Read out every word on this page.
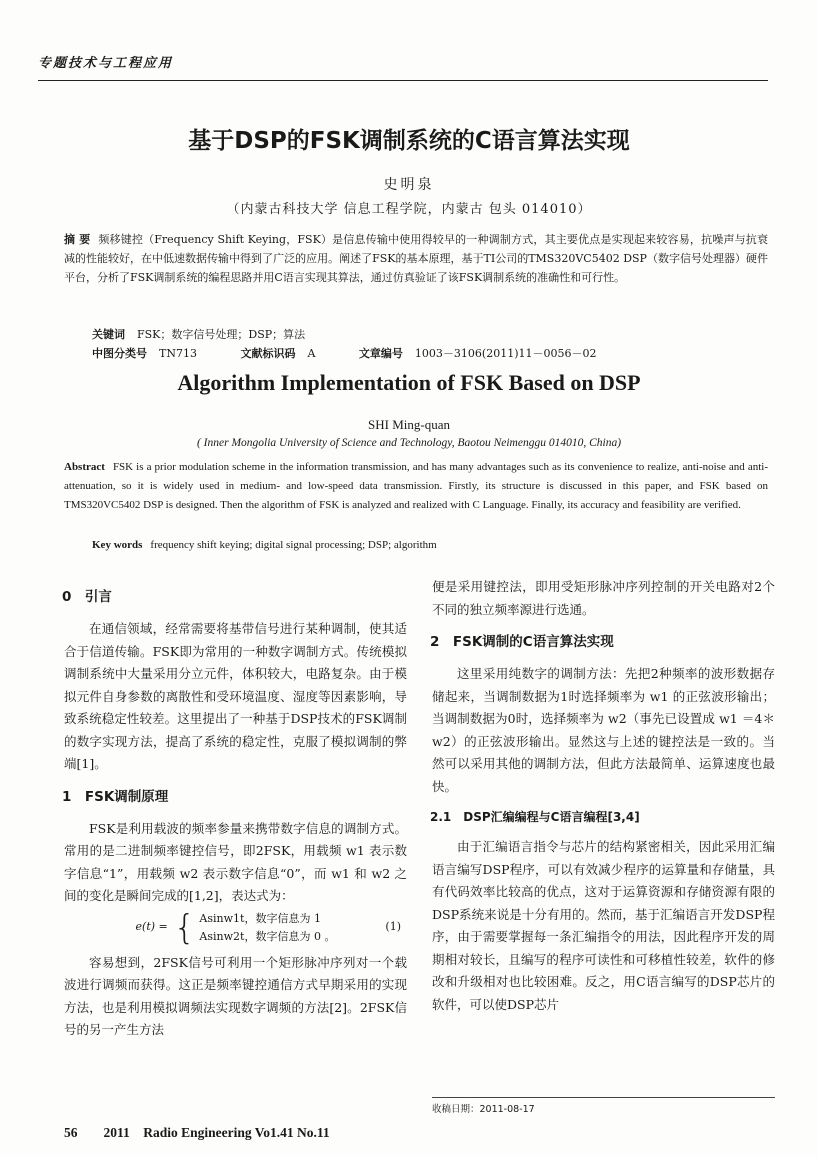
专题技术与工程应用
基于DSP的FSK调制系统的C语言算法实现
史明泉
（内蒙古科技大学 信息工程学院，内蒙古 包头 014010）
摘 要 频移键控（Frequency Shift Keying，FSK）是信息传输中使用得较早的一种调制方式，其主要优点是实现起来较容易，抗噪声与抗衰减的性能较好，在中低速数据传输中得到了广泛的应用。阐述了FSK的基本原理，基于TI公司的TMS320VC5402 DSP（数字信号处理器）硬件平台，分析了FSK调制系统的编程思路并用C语言实现其算法，通过仿真验证了该FSK调制系统的准确性和可行性。
关键词 FSK；数字信号处理；DSP；算法
中图分类号 TN713	文献标识码 A	文章编号 1003－3106(2011)11－0056－02
Algorithm Implementation of FSK Based on DSP
SHI Ming-quan
( Inner Mongolia University of Science and Technology, Baotou Neimenggu 014010, China)
Abstract FSK is a prior modulation scheme in the information transmission, and has many advantages such as its convenience to realize, anti-noise and anti-attenuation, so it is widely used in medium- and low-speed data transmission. Firstly, its structure is discussed in this paper, and FSK based on TMS320VC5402 DSP is designed. Then the algorithm of FSK is analyzed and realized with C Language. Finally, its accuracy and feasibility are verified.
Key words frequency shift keying; digital signal processing; DSP; algorithm
0　引言

在通信领域，经常需要将基带信号进行某种调制，使其适合于信道传输。FSK即为常用的一种数字调制方式。传统模拟调制系统中大量采用分立元件，体积较大，电路复杂。由于模拟元件自身参数的离散性和受环境温度、湿度等因素影响，导致系统稳定性较差。这里提出了一种基于DSP技术的FSK调制的数字实现方法，提高了系统的稳定性，克服了模拟调制的弊端[1]。

1　FSK调制原理

FSK是利用载波的频率参量来携带数字信息的调制方式。常用的是二进制频率键控信号，即2FSK，用载频 w1 表示数字信息“1”，用载频 w2 表示数字信息“0”，而 w1 和 w2 之间的变化是瞬间完成的[1,2]，表达式为：

e(t) = { Asinw1t，数字信息为 1
Asinw2t，数字信息为 0 。
(1)

容易想到，2FSK信号可利用一个矩形脉冲序列对一个载波进行调频而获得。这正是频率键控通信方式早期采用的实现方法，也是利用模拟调频法实现数字调频的方法[2]。2FSK信号的另一产生方法

便是采用键控法，即用受矩形脉冲序列控制的开关电路对2个不同的独立频率源进行选通。

2　FSK调制的C语言算法实现

这里采用纯数字的调制方法：先把2种频率的波形数据存储起来，当调制数据为1时选择频率为 w1 的正弦波形输出；当调制数据为0时，选择频率为 w2（事先已设置成 w1 ＝4＊ w2）的正弦波形输出。显然这与上述的键控法是一致的。当然可以采用其他的调制方法，但此方法最简单、运算速度也最快。

2.1　DSP汇编编程与C语言编程[3,4]

由于汇编语言指令与芯片的结构紧密相关，因此采用汇编语言编写DSP程序，可以有效减少程序的运算量和存储量，具有代码效率比较高的优点，这对于运算资源和存储资源有限的DSP系统来说是十分有用的。然而，基于汇编语言开发DSP程序，由于需要掌握每一条汇编指令的用法，因此程序开发的周期相对较长，且编写的程序可读性和可移植性较差，软件的修改和升级相对也比较困难。反之，用C语言编写的DSP芯片的软件，可以使DSP芯片

收稿日期：2011-08-17
56 2011　Radio Engineering Vo1.41 No.11
